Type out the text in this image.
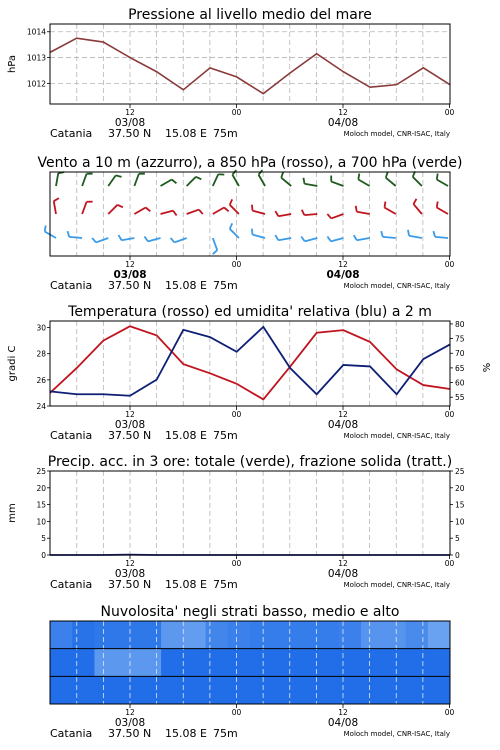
Pressione al livello medio del mare
1012
1013
1014
hPa
12	00	12	00
03/08	04/08
Catania 37.50 N 15.08 E 75m	Moloch model, CNR-ISAC, Italy
Vento a 10 m (azzurro), a 850 hPa (rosso), a 700 hPa (verde)
12	00	12	00
03/08	04/08
Catania 37.50 N 15.08 E 75m	Moloch model, CNR-ISAC, Italy
Temperatura (rosso) ed umidita' relativa (blu) a 2 m
24
26
28
30
55
60
65
70
75
80
gradi C	%
12	00	12	00
03/08	04/08
Catania 37.50 N 15.08 E 75m	Moloch model, CNR-ISAC, Italy
Precip. acc. in 3 ore: totale (verde), frazione solida (tratt.)
0	0
5	5
10	10
15	15
20	20
25	25
mm
12	00	12	00
03/08	04/08
Catania 37.50 N 15.08 E 75m	Moloch model, CNR-ISAC, Italy
Nuvolosita' negli strati basso, medio e alto
12	00	12	00
03/08	04/08
Catania 37.50 N 15.08 E 75m	Moloch model, CNR-ISAC, Italy
